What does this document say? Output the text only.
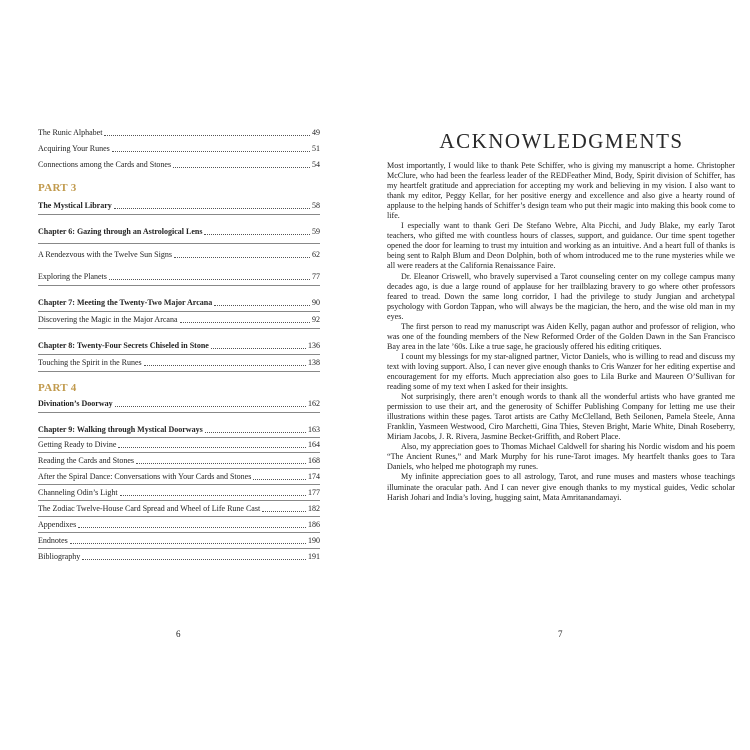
The Runic Alphabet	49
Acquiring Your Runes	51
Connections among the Cards and Stones	54
PART 3
The Mystical Library	58
Chapter 6: Gazing through an Astrological Lens	59
A Rendezvous with the Twelve Sun Signs	62
Exploring the Planets	77
Chapter 7: Meeting the Twenty-Two Major Arcana	90
Discovering the Magic in the Major Arcana	92
Chapter 8: Twenty-Four Secrets Chiseled in Stone	136
Touching the Spirit in the Runes	138
PART 4
Divination’s Doorway	162
Chapter 9: Walking through Mystical Doorways	163
Getting Ready to Divine	164
Reading the Cards and Stones	168
After the Spiral Dance: Conversations with Your Cards and Stones	174
Channeling Odin’s Light	177
The Zodiac Twelve-House Card Spread and Wheel of Life Rune Cast	182
Appendixes	186
Endnotes	190
Bibliography	191
6
ACKNOWLEDGMENTS

Most importantly, I would like to thank Pete Schiffer, who is giving my manuscript a home. Christopher McClure, who had been the fearless leader of the REDFeather Mind, Body, Spirit division of Schiffer, has my heartfelt gratitude and appreciation for accepting my work and believing in my vision. I also want to thank my editor, Peggy Kellar, for her positive energy and excellence and also give a hearty round of applause to the helping hands of Schiffer’s design team who put their magic into making this book come to life.

I especially want to thank Geri De Stefano Webre, Alta Picchi, and Judy Blake, my early Tarot teachers, who gifted me with countless hours of classes, support, and guidance. Our time spent together opened the door for learning to trust my intuition and working as an intuitive. And a heart full of thanks is being sent to Ralph Blum and Deon Dolphin, both of whom introduced me to the rune mysteries while we all were readers at the California Renaissance Faire.

Dr. Eleanor Criswell, who bravely supervised a Tarot counseling center on my college campus many decades ago, is due a large round of applause for her trailblazing bravery to go where other professors feared to tread. Down the same long corridor, I had the privilege to study Jungian and archetypal psychology with Gordon Tappan, who will always be the magician, the hero, and the wise old man in my eyes.

The first person to read my manuscript was Aiden Kelly, pagan author and professor of religion, who was one of the founding members of the New Reformed Order of the Golden Dawn in the San Francisco Bay area in the late ’60s. Like a true sage, he graciously offered his editing critiques.

I count my blessings for my star-aligned partner, Victor Daniels, who is willing to read and discuss my text with loving support. Also, I can never give enough thanks to Cris Wanzer for her editing expertise and encouragement for my efforts. Much appreciation also goes to Lila Burke and Maureen O’Sullivan for reading some of my text when I asked for their insights.

Not surprisingly, there aren’t enough words to thank all the wonderful artists who have granted me permission to use their art, and the generosity of Schiffer Publishing Company for letting me use their illustrations within these pages. Tarot artists are Cathy McClelland, Beth Seilonen, Pamela Steele, Anna Franklin, Yasmeen Westwood, Ciro Marchetti, Gina Thies, Steven Bright, Marie White, Dinah Roseberry, Miriam Jacobs, J. R. Rivera, Jasmine Becket-Griffith, and Robert Place.

Also, my appreciation goes to Thomas Michael Caldwell for sharing his Nordic wisdom and his poem “The Ancient Runes,” and Mark Murphy for his rune-Tarot images. My heartfelt thanks goes to Tara Daniels, who helped me photograph my runes.

My infinite appreciation goes to all astrology, Tarot, and rune muses and masters whose teachings illuminate the oracular path. And I can never give enough thanks to my mystical guides, Vedic scholar Harish Johari and India’s loving, hugging saint, Mata Amritanandamayi.

7
